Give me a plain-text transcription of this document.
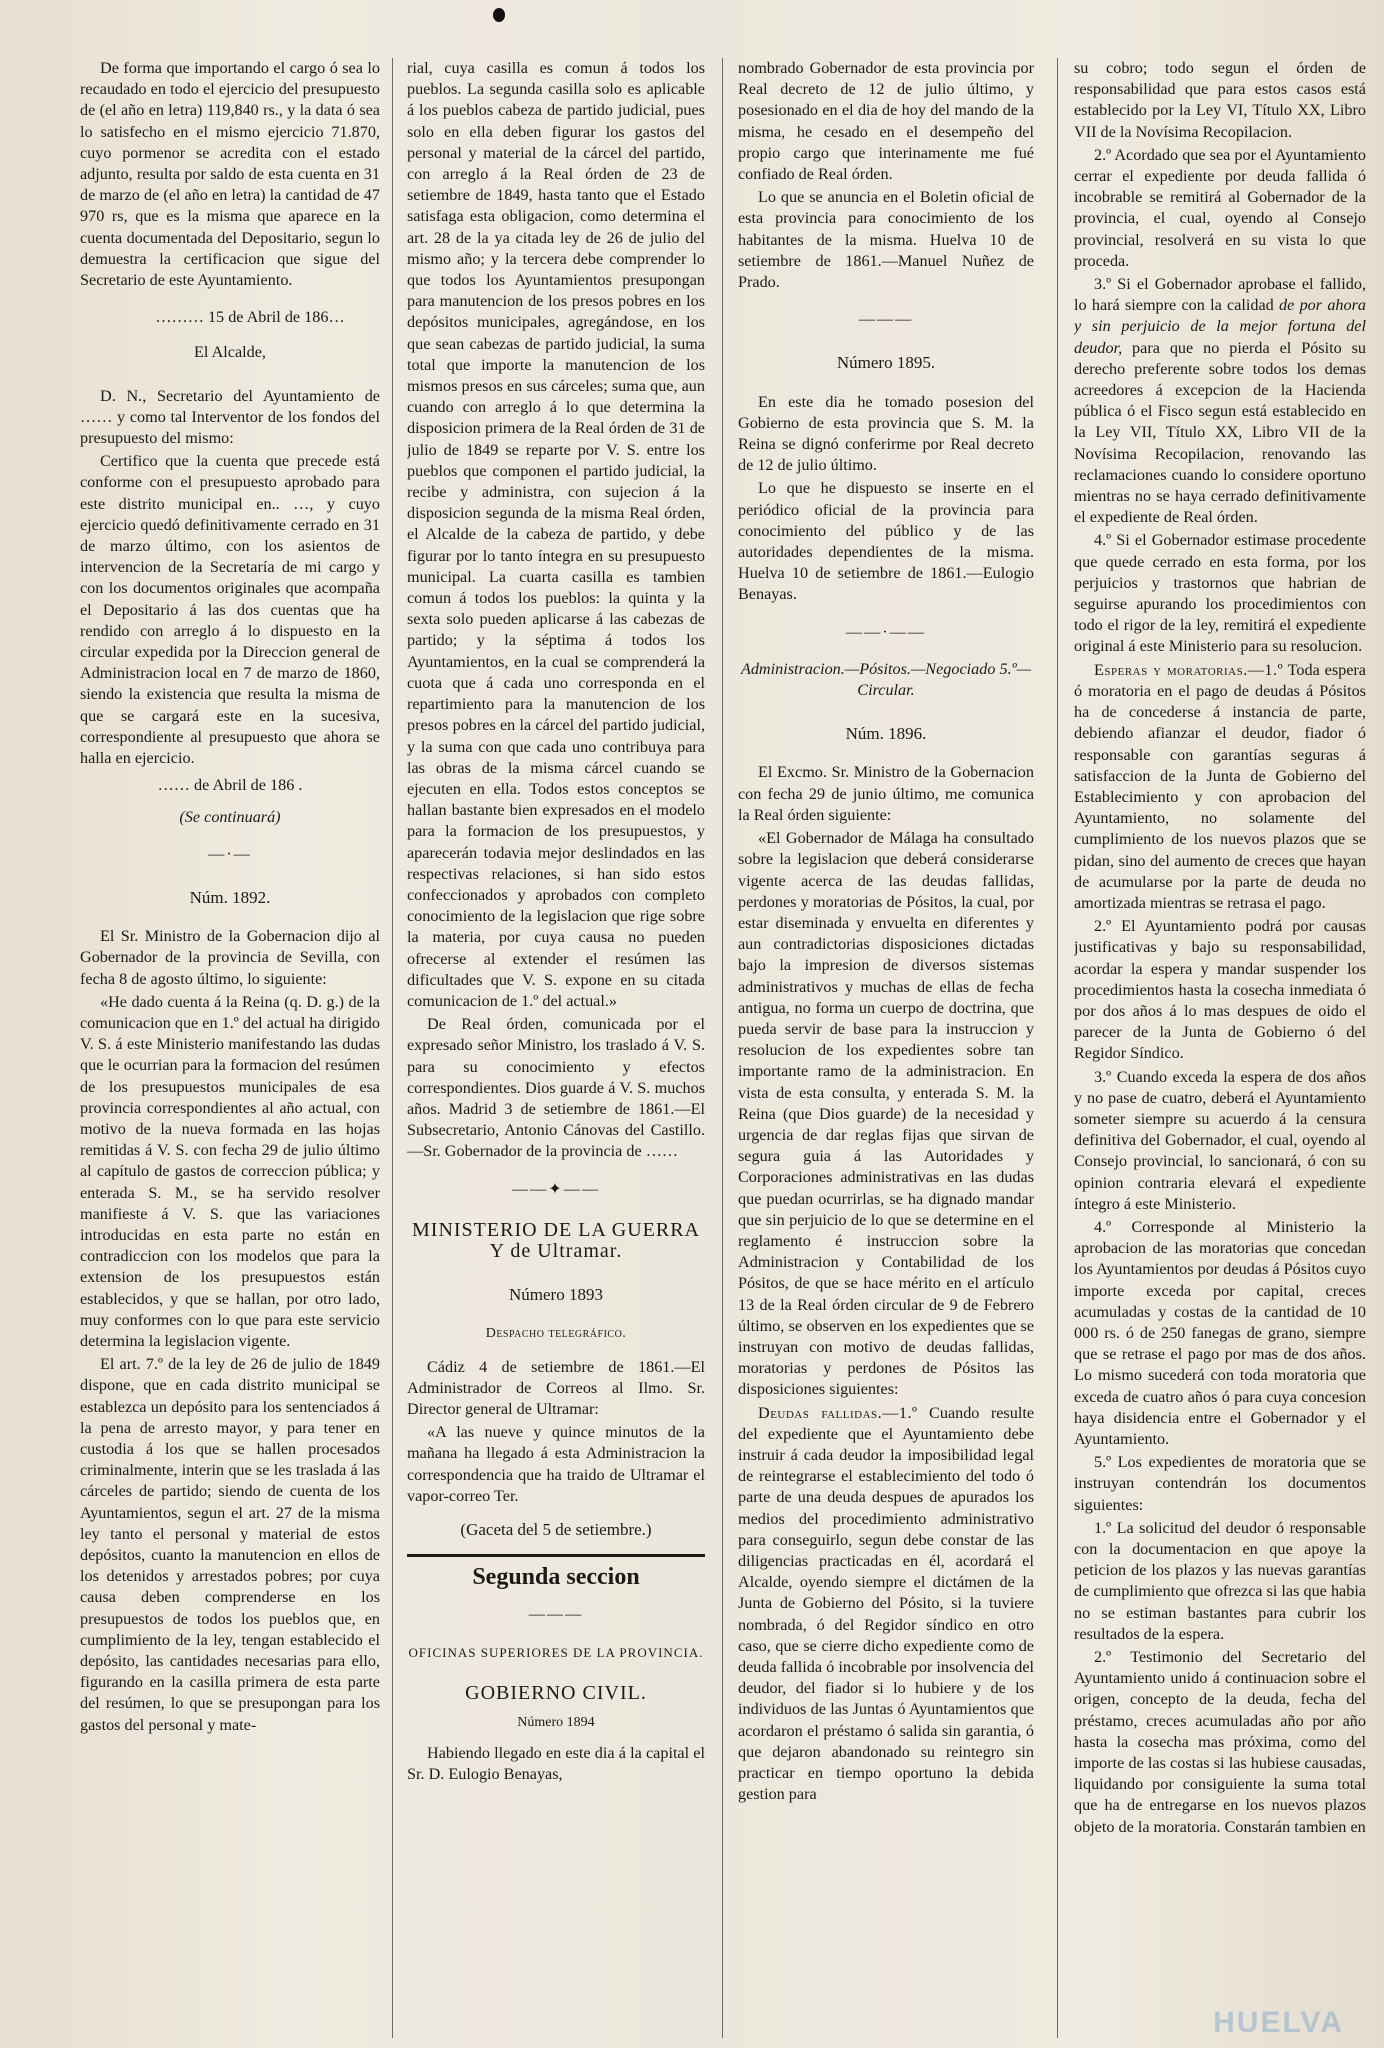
De forma que importando el cargo ó sea lo recaudado en todo el ejercicio del presupuesto de (el año en letra) 119,840 rs., y la data ó sea lo satisfecho en el mismo ejercicio 71.870, cuyo pormenor se acredita con el estado adjunto, resulta por saldo de esta cuenta en 31 de marzo de (el año en letra) la cantidad de 47 970 rs, que es la misma que aparece en la cuenta documentada del Depositario, segun lo demuestra la certificacion que sigue del Secretario de este Ayuntamiento.

……… 15 de Abril de 186…

El Alcalde,

D. N., Secretario del Ayuntamiento de …… y como tal Interventor de los fondos del presupuesto del mismo:

Certifico que la cuenta que precede está conforme con el presupuesto aprobado para este distrito municipal en.. …, y cuyo ejercicio quedó definitivamente cerrado en 31 de marzo último, con los asientos de intervencion de la Secretaría de mi cargo y con los documentos originales que acompaña el Depositario á las dos cuentas que ha rendido con arreglo á lo dispuesto en la circular expedida por la Direccion general de Administracion local en 7 de marzo de 1860, siendo la existencia que resulta la misma de que se cargará este en la sucesiva, correspondiente al presupuesto que ahora se halla en ejercicio.

…… de Abril de 186 .

(Se continuará)

—·—

Núm. 1892.

El Sr. Ministro de la Gobernacion dijo al Gobernador de la provincia de Sevilla, con fecha 8 de agosto último, lo siguiente:

«He dado cuenta á la Reina (q. D. g.) de la comunicacion que en 1.º del actual ha dirigido V. S. á este Ministerio manifestando las dudas que le ocurrian para la formacion del resúmen de los presupuestos municipales de esa provincia correspondientes al año actual, con motivo de la nueva formada en las hojas remitidas á V. S. con fecha 29 de julio último al capítulo de gastos de correccion pública; y enterada S. M., se ha servido resolver manifieste á V. S. que las variaciones introducidas en esta parte no están en contradiccion con los modelos que para la extension de los presupuestos están establecidos, y que se hallan, por otro lado, muy conformes con lo que para este servicio determina la legislacion vigente.

El art. 7.º de la ley de 26 de julio de 1849 dispone, que en cada distrito municipal se establezca un depósito para los sentenciados á la pena de arresto mayor, y para tener en custodia á los que se hallen procesados criminalmente, interin que se les traslada á las cárceles de partido; siendo de cuenta de los Ayuntamientos, segun el art. 27 de la misma ley tanto el personal y material de estos depósitos, cuanto la manutencion en ellos de los detenidos y arrestados pobres; por cuya causa deben comprenderse en los presupuestos de todos los pueblos que, en cumplimiento de la ley, tengan establecido el depósito, las cantidades necesarias para ello, figurando en la casilla primera de esta parte del resúmen, lo que se presupongan para los gastos del personal y mate-

rial, cuya casilla es comun á todos los pueblos. La segunda casilla solo es aplicable á los pueblos cabeza de partido judicial, pues solo en ella deben figurar los gastos del personal y material de la cárcel del partido, con arreglo á la Real órden de 23 de setiembre de 1849, hasta tanto que el Estado satisfaga esta obligacion, como determina el art. 28 de la ya citada ley de 26 de julio del mismo año; y la tercera debe comprender lo que todos los Ayuntamientos presupongan para manutencion de los presos pobres en los depósitos municipales, agregándose, en los que sean cabezas de partido judicial, la suma total que importe la manutencion de los mismos presos en sus cárceles; suma que, aun cuando con arreglo á lo que determina la disposicion primera de la Real órden de 31 de julio de 1849 se reparte por V. S. entre los pueblos que componen el partido judicial, la recibe y administra, con sujecion á la disposicion segunda de la misma Real órden, el Alcalde de la cabeza de partido, y debe figurar por lo tanto íntegra en su presupuesto municipal. La cuarta casilla es tambien comun á todos los pueblos: la quinta y la sexta solo pueden aplicarse á las cabezas de partido; y la séptima á todos los Ayuntamientos, en la cual se comprenderá la cuota que á cada uno corresponda en el repartimiento para la manutencion de los presos pobres en la cárcel del partido judicial, y la suma con que cada uno contribuya para las obras de la misma cárcel cuando se ejecuten en ella. Todos estos conceptos se hallan bastante bien expresados en el modelo para la formacion de los presupuestos, y aparecerán todavia mejor deslindados en las respectivas relaciones, si han sido estos confeccionados y aprobados con completo conocimiento de la legislacion que rige sobre la materia, por cuya causa no pueden ofrecerse al extender el resúmen las dificultades que V. S. expone en su citada comunicacion de 1.º del actual.»

De Real órden, comunicada por el expresado señor Ministro, los traslado á V. S. para su conocimiento y efectos correspondientes. Dios guarde á V. S. muchos años. Madrid 3 de setiembre de 1861.—El Subsecretario, Antonio Cánovas del Castillo.—Sr. Gobernador de la provincia de ……

——✦——

MINISTERIO DE LA GUERRA Y de Ultramar.

Número 1893

Despacho telegráfico.

Cádiz 4 de setiembre de 1861.—El Administrador de Correos al Ilmo. Sr. Director general de Ultramar:

«A las nueve y quince minutos de la mañana ha llegado á esta Administracion la correspondencia que ha traido de Ultramar el vapor-correo Ter.

(Gaceta del 5 de setiembre.)

Segunda seccion

———

OFICINAS SUPERIORES DE LA PROVINCIA.

GOBIERNO CIVIL.

Número 1894

Habiendo llegado en este dia á la capital el Sr. D. Eulogio Benayas,

nombrado Gobernador de esta provincia por Real decreto de 12 de julio último, y posesionado en el dia de hoy del mando de la misma, he cesado en el desempeño del propio cargo que interinamente me fué confiado de Real órden.

Lo que se anuncia en el Boletin oficial de esta provincia para conocimiento de los habitantes de la misma. Huelva 10 de setiembre de 1861.—Manuel Nuñez de Prado.

———

Número 1895.

En este dia he tomado posesion del Gobierno de esta provincia que S. M. la Reina se dignó conferirme por Real decreto de 12 de julio último.

Lo que he dispuesto se inserte en el periódico oficial de la provincia para conocimiento del público y de las autoridades dependientes de la misma. Huelva 10 de setiembre de 1861.—Eulogio Benayas.

——·——

Administracion.—Pósitos.—Negociado 5.º—Circular.

Núm. 1896.

El Excmo. Sr. Ministro de la Gobernacion con fecha 29 de junio último, me comunica la Real órden siguiente:

«El Gobernador de Málaga ha consultado sobre la legislacion que deberá considerarse vigente acerca de las deudas fallidas, perdones y moratorias de Pósitos, la cual, por estar diseminada y envuelta en diferentes y aun contradictorias disposiciones dictadas bajo la impresion de diversos sistemas administrativos y muchas de ellas de fecha antigua, no forma un cuerpo de doctrina, que pueda servir de base para la instruccion y resolucion de los expedientes sobre tan importante ramo de la administracion. En vista de esta consulta, y enterada S. M. la Reina (que Dios guarde) de la necesidad y urgencia de dar reglas fijas que sirvan de segura guia á las Autoridades y Corporaciones administrativas en las dudas que puedan ocurrirlas, se ha dignado mandar que sin perjuicio de lo que se determine en el reglamento é instruccion sobre la Administracion y Contabilidad de los Pósitos, de que se hace mérito en el artículo 13 de la Real órden circular de 9 de Febrero último, se observen en los expedientes que se instruyan con motivo de deudas fallidas, moratorias y perdones de Pósitos las disposiciones siguientes:

Deudas fallidas.—1.º Cuando resulte del expediente que el Ayuntamiento debe instruir á cada deudor la imposibilidad legal de reintegrarse el establecimiento del todo ó parte de una deuda despues de apurados los medios del procedimiento administrativo para conseguirlo, segun debe constar de las diligencias practicadas en él, acordará el Alcalde, oyendo siempre el dictámen de la Junta de Gobierno del Pósito, si la tuviere nombrada, ó del Regidor síndico en otro caso, que se cierre dicho expediente como de deuda fallida ó incobrable por insolvencia del deudor, del fiador si lo hubiere y de los individuos de las Juntas ó Ayuntamientos que acordaron el préstamo ó salida sin garantia, ó que dejaron abandonado su reintegro sin practicar en tiempo oportuno la debida gestion para

su cobro; todo segun el órden de responsabilidad que para estos casos está establecido por la Ley VI, Título XX, Libro VII de la Novísima Recopilacion.

2.º Acordado que sea por el Ayuntamiento cerrar el expediente por deuda fallida ó incobrable se remitirá al Gobernador de la provincia, el cual, oyendo al Consejo provincial, resolverá en su vista lo que proceda.

3.º Si el Gobernador aprobase el fallido, lo hará siempre con la calidad de por ahora y sin perjuicio de la mejor fortuna del deudor, para que no pierda el Pósito su derecho preferente sobre todos los demas acreedores á excepcion de la Hacienda pública ó el Fisco segun está establecido en la Ley VII, Título XX, Libro VII de la Novísima Recopilacion, renovando las reclamaciones cuando lo considere oportuno mientras no se haya cerrado definitivamente el expediente de Real órden.

4.º Si el Gobernador estimase procedente que quede cerrado en esta forma, por los perjuicios y trastornos que habrian de seguirse apurando los procedimientos con todo el rigor de la ley, remitirá el expediente original á este Ministerio para su resolucion.

Esperas y moratorias.—1.º Toda espera ó moratoria en el pago de deudas á Pósitos ha de concederse á instancia de parte, debiendo afianzar el deudor, fiador ó responsable con garantías seguras á satisfaccion de la Junta de Gobierno del Establecimiento y con aprobacion del Ayuntamiento, no solamente del cumplimiento de los nuevos plazos que se pidan, sino del aumento de creces que hayan de acumularse por la parte de deuda no amortizada mientras se retrasa el pago.

2.º El Ayuntamiento podrá por causas justificativas y bajo su responsabilidad, acordar la espera y mandar suspender los procedimientos hasta la cosecha inmediata ó por dos años á lo mas despues de oido el parecer de la Junta de Gobierno ó del Regidor Síndico.

3.º Cuando exceda la espera de dos años y no pase de cuatro, deberá el Ayuntamiento someter siempre su acuerdo á la censura definitiva del Gobernador, el cual, oyendo al Consejo provincial, lo sancionará, ó con su opinion contraria elevará el expediente íntegro á este Ministerio.

4.º Corresponde al Ministerio la aprobacion de las moratorias que concedan los Ayuntamientos por deudas á Pósitos cuyo importe exceda por capital, creces acumuladas y costas de la cantidad de 10 000 rs. ó de 250 fanegas de grano, siempre que se retrase el pago por mas de dos años. Lo mismo sucederá con toda moratoria que exceda de cuatro años ó para cuya concesion haya disidencia entre el Gobernador y el Ayuntamiento.

5.º Los expedientes de moratoria que se instruyan contendrán los documentos siguientes:

1.º La solicitud del deudor ó responsable con la documentacion en que apoye la peticion de los plazos y las nuevas garantías de cumplimiento que ofrezca si las que habia no se estiman bastantes para cubrir los resultados de la espera.

2.º Testimonio del Secretario del Ayuntamiento unido á continuacion sobre el origen, concepto de la deuda, fecha del préstamo, creces acumuladas año por año hasta la cosecha mas próxima, como del importe de las costas si las hubiese causadas, liquidando por consiguiente la suma total que ha de entregarse en los nuevos plazos objeto de la moratoria. Constarán tambien en

HUELVA
